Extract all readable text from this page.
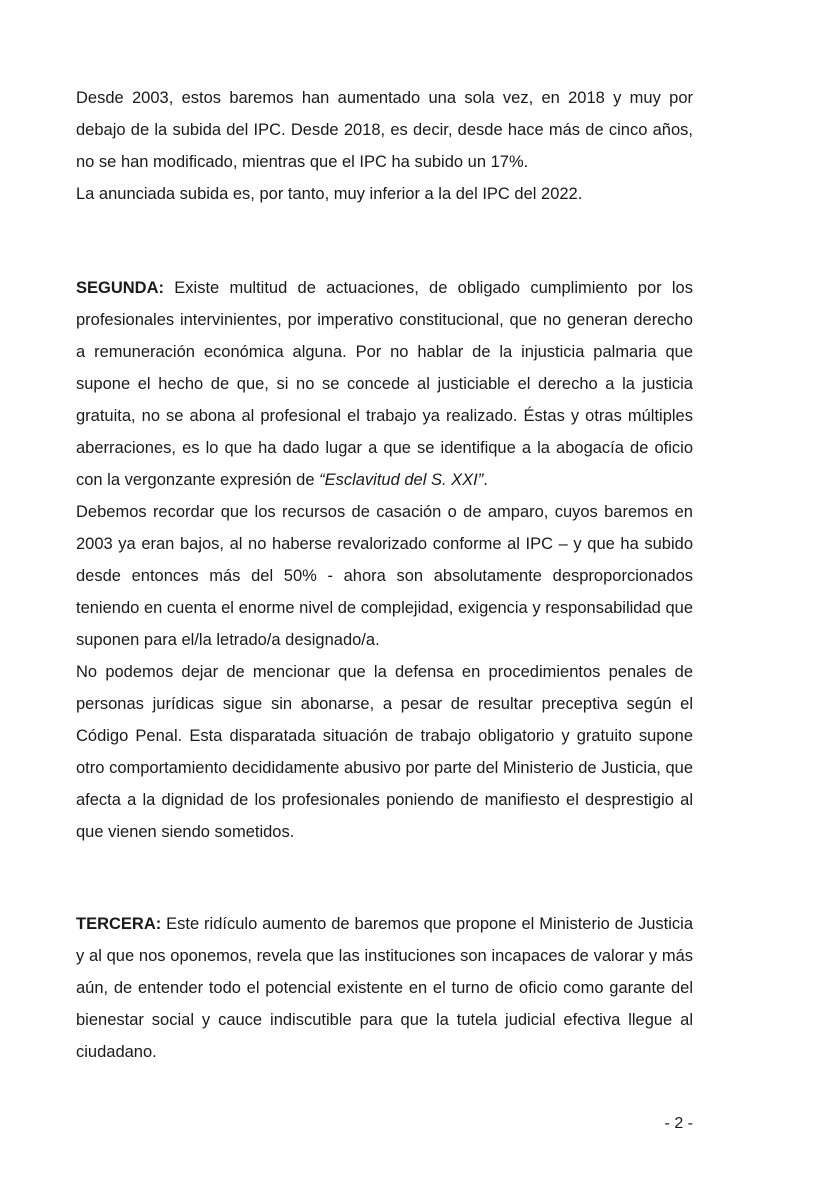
Desde 2003, estos baremos han aumentado una sola vez, en 2018 y muy por debajo de la subida del IPC. Desde 2018, es decir, desde hace más de cinco años, no se han modificado, mientras que el IPC ha subido un 17%.

La anunciada subida es, por tanto, muy inferior a la del IPC del 2022.

SEGUNDA: Existe multitud de actuaciones, de obligado cumplimiento por los profesionales intervinientes, por imperativo constitucional, que no generan derecho a remuneración económica alguna. Por no hablar de la injusticia palmaria que supone el hecho de que, si no se concede al justiciable el derecho a la justicia gratuita, no se abona al profesional el trabajo ya realizado. Éstas y otras múltiples aberraciones, es lo que ha dado lugar a que se identifique a la abogacía de oficio con la vergonzante expresión de “Esclavitud del S. XXI”.

Debemos recordar que los recursos de casación o de amparo, cuyos baremos en 2003 ya eran bajos, al no haberse revalorizado conforme al IPC – y que ha subido desde entonces más del 50% - ahora son absolutamente desproporcionados teniendo en cuenta el enorme nivel de complejidad, exigencia y responsabilidad que suponen para el/la letrado/a designado/a.

No podemos dejar de mencionar que la defensa en procedimientos penales de personas jurídicas sigue sin abonarse, a pesar de resultar preceptiva según el Código Penal. Esta disparatada situación de trabajo obligatorio y gratuito supone otro comportamiento decididamente abusivo por parte del Ministerio de Justicia, que afecta a la dignidad de los profesionales poniendo de manifiesto el desprestigio al que vienen siendo sometidos.

TERCERA: Este ridículo aumento de baremos que propone el Ministerio de Justicia y al que nos oponemos, revela que las instituciones son incapaces de valorar y más aún, de entender todo el potencial existente en el turno de oficio como garante del bienestar social y cauce indiscutible para que la tutela judicial efectiva llegue al ciudadano.

- 2 -
